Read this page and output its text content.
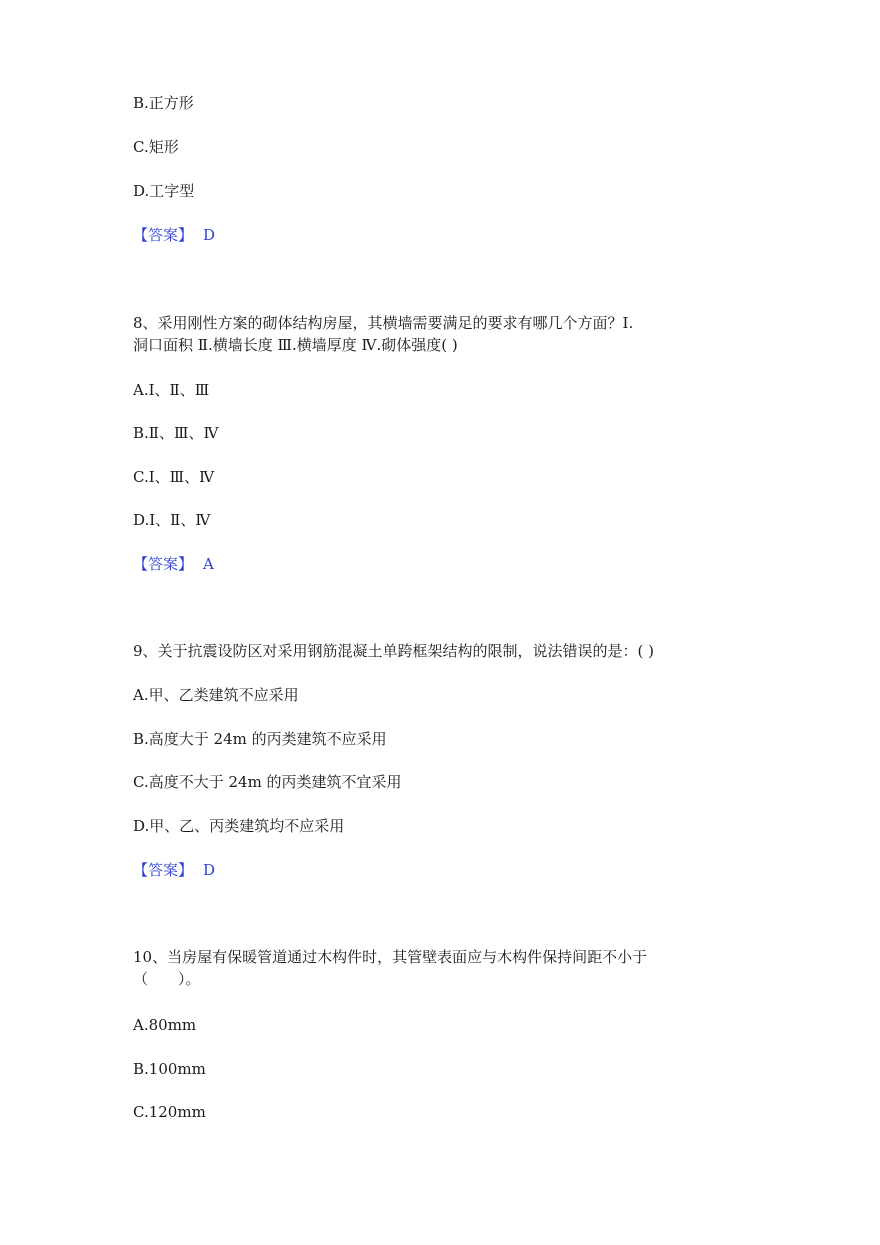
B.正方形
C.矩形
D.工字型
【答案】 D
8、采用刚性方案的砌体结构房屋，其横墙需要满足的要求有哪几个方面？Ⅰ.
洞口面积 Ⅱ.横墙长度 Ⅲ.横墙厚度 Ⅳ.砌体强度( )
A.Ⅰ、Ⅱ、Ⅲ
B.Ⅱ、Ⅲ、Ⅳ
C.Ⅰ、Ⅲ、Ⅳ
D.Ⅰ、Ⅱ、Ⅳ
【答案】 A
9、关于抗震设防区对采用钢筋混凝土单跨框架结构的限制，说法错误的是：( )
A.甲、乙类建筑不应采用
B.高度大于 24m 的丙类建筑不应采用
C.高度不大于 24m 的丙类建筑不宜采用
D.甲、乙、丙类建筑均不应采用
【答案】 D
10、当房屋有保暖管道通过木构件时，其管壁表面应与木构件保持间距不小于
（　　）。
A.80mm
B.100mm
C.120mm
